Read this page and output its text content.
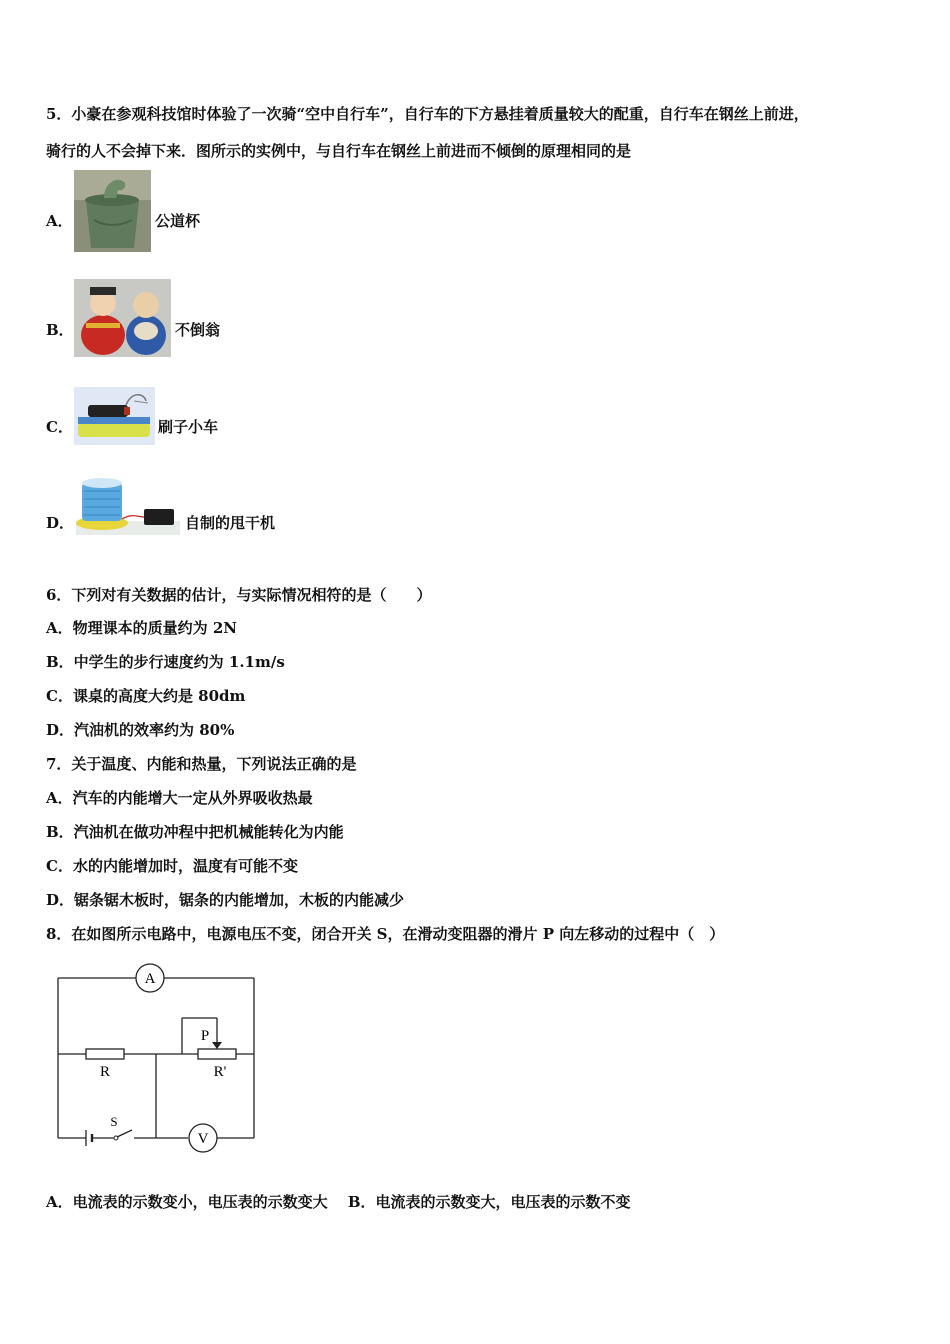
5．小豪在参观科技馆时体验了一次骑“空中自行车”，自行车的下方悬挂着质量较大的配重，自行车在钢丝上前进，
骑行的人不会掉下来．图所示的实例中，与自行车在钢丝上前进而不倾倒的原理相同的是
A．	公道杯
B．	不倒翁
C．	刷子小车
D．	自制的甩干机
6．下列对有关数据的估计，与实际情况相符的是（　　）
A．物理课本的质量约为 2N
B．中学生的步行速度约为 1.1m/s
C．课桌的高度大约是 80dm
D．汽油机的效率约为 80%
7．关于温度、内能和热量，下列说法正确的是
A．汽车的内能增大一定从外界吸收热最
B．汽油机在做功冲程中把机械能转化为内能
C．水的内能增加时，温度有可能不变
D．锯条锯木板时，锯条的内能增加，木板的内能减少
8．在如图所示电路中，电源电压不变，闭合开关 S，在滑动变阻器的滑片 P 向左移动的过程中（　）
A
R	R'
P
S
V
A．电流表的示数变小，电压表的示数变大　 B．电流表的示数变大，电压表的示数不变
